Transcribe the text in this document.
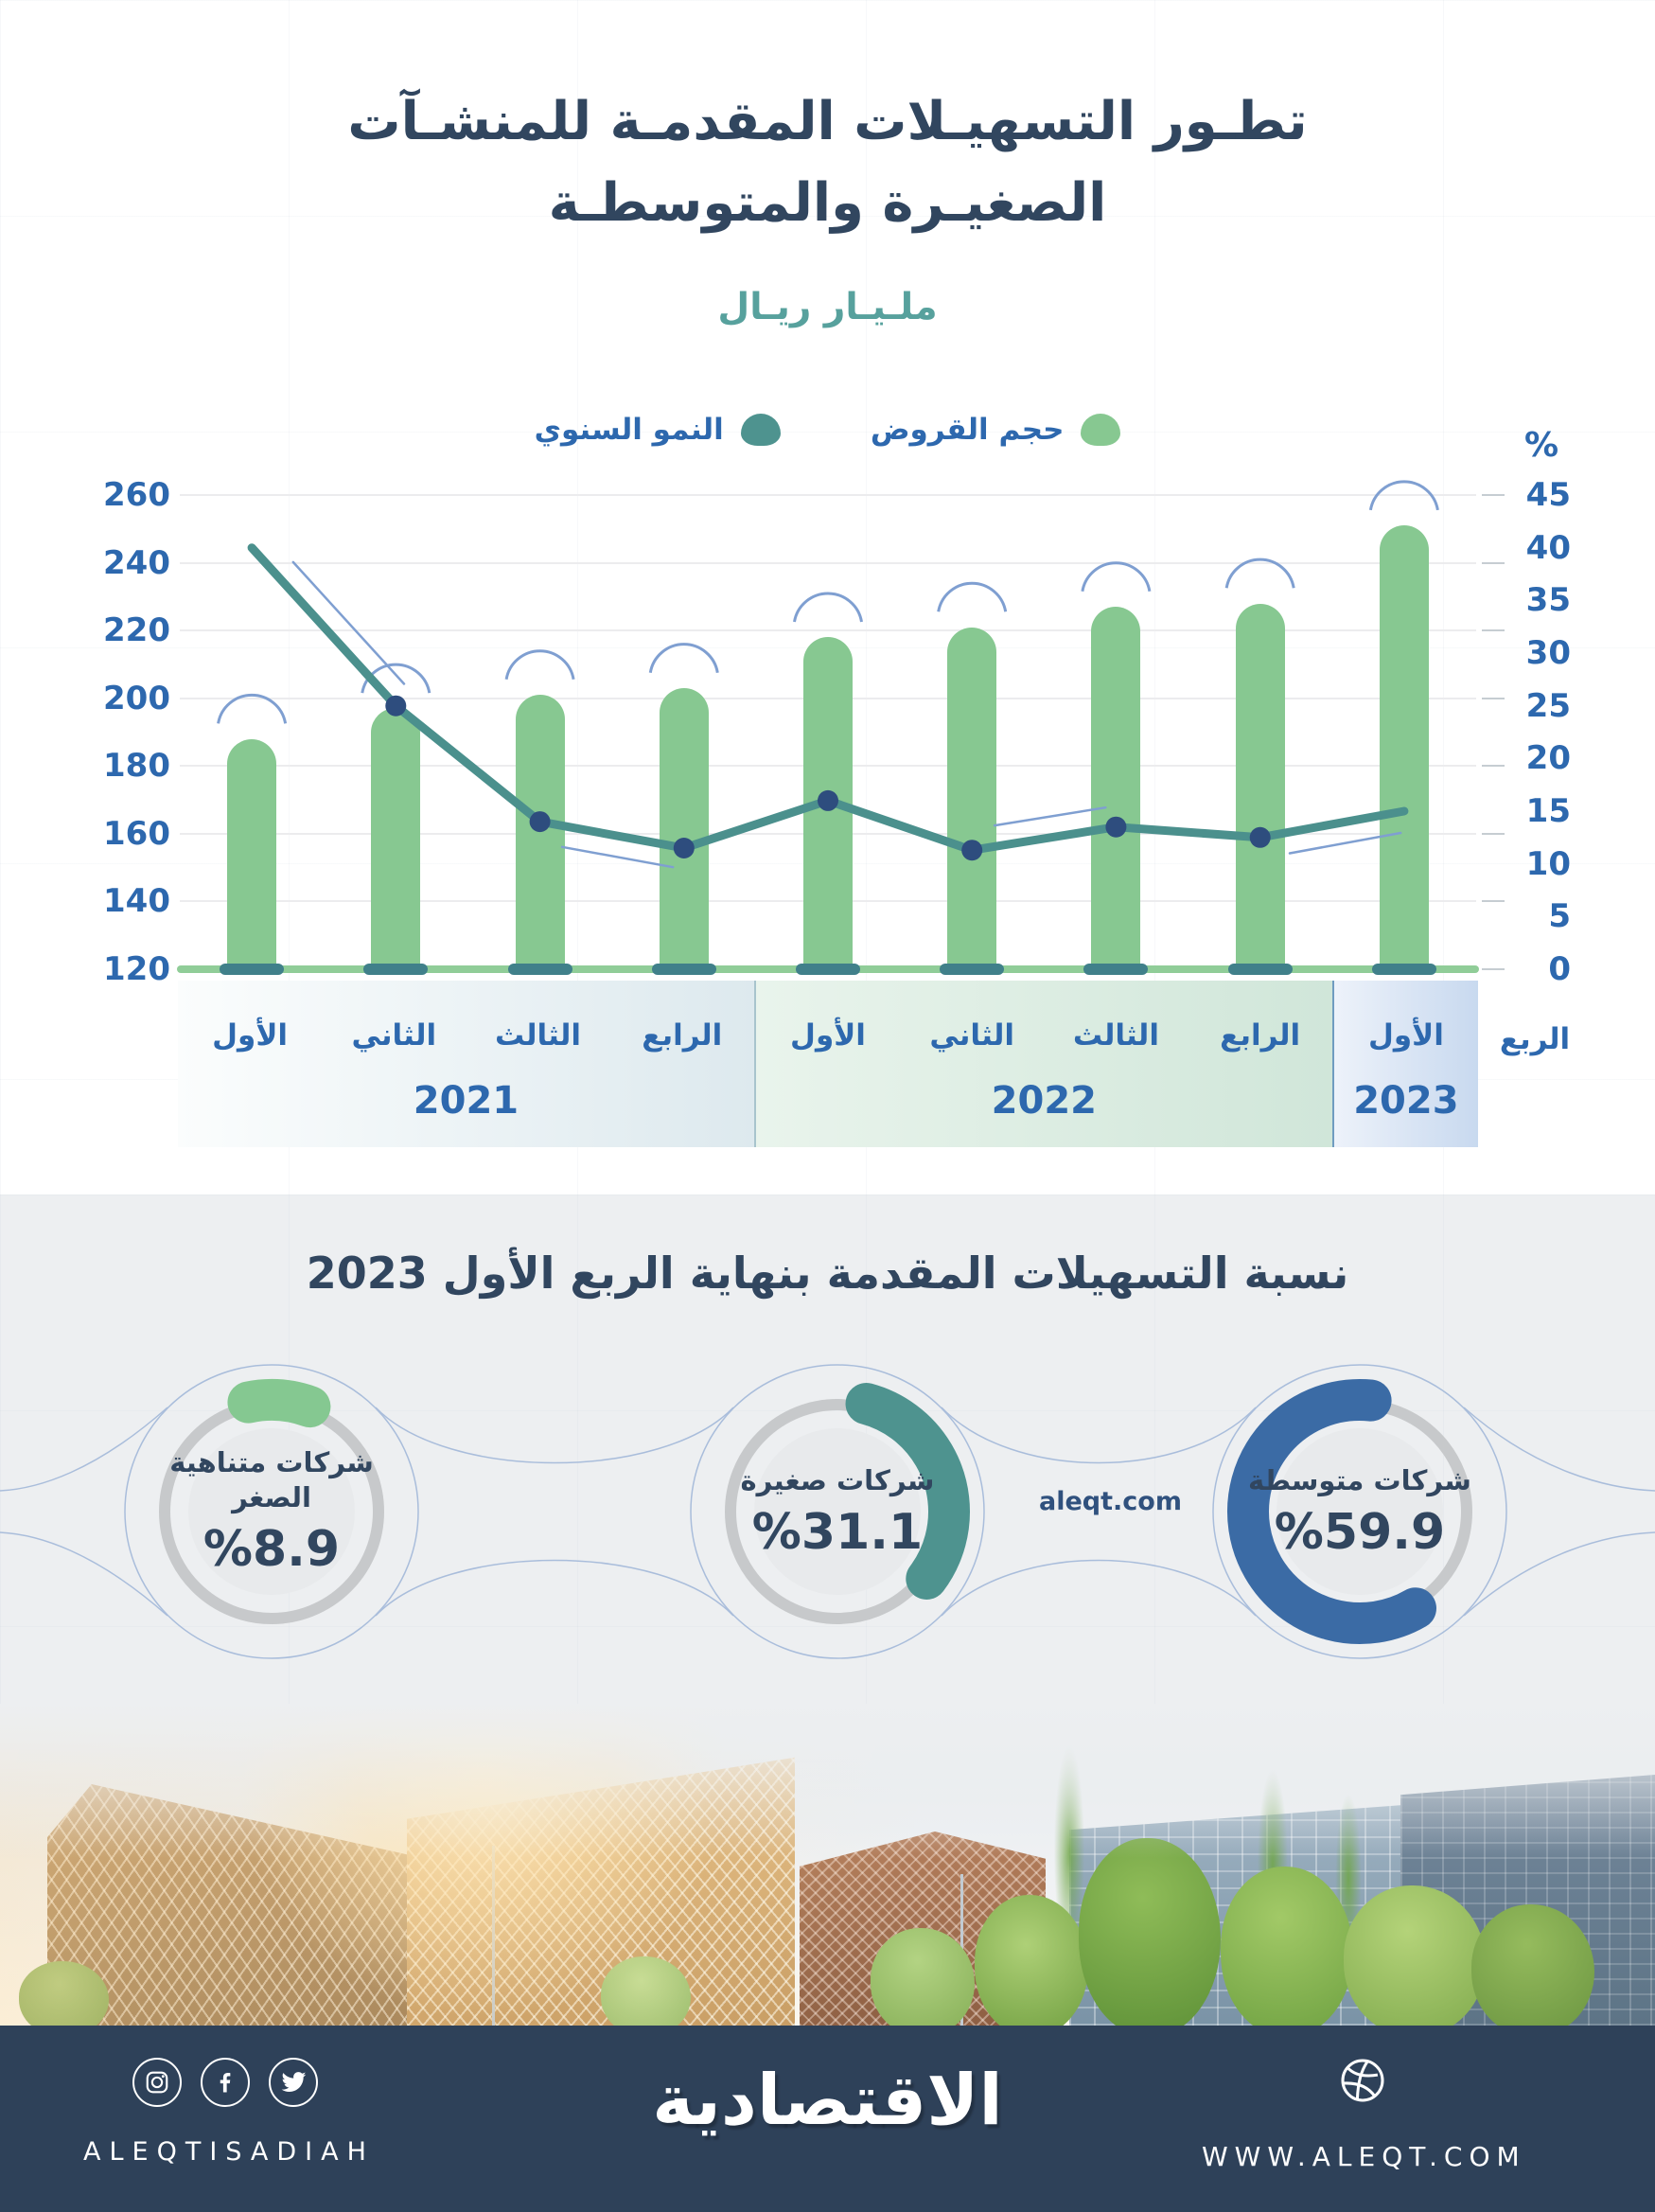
تطـور التسهيـلات المقدمـة للمنشـآت
الصغيـرة والمتوسطـة
ملـيـار ريـال
حجم القروض
النمو السنوي	%
260
240
220
200
180
160
140
120
45
40
35
30
25
20
15
10
5
0
الأول	الثاني	الثالث	الرابع
2021
الأول	الثاني	الثالث	الرابع
2022
الأول
2023
الربع
نسبة التسهيلات المقدمة بنهاية الربع الأول 2023
شركات متناهية
الصغر
%8.9
شركات صغيرة
%31.1
شركات متوسطة
%59.9
aleqt.com
ALEQTISADIAH
الاقتصادية
WWW.ALEQT.COM
